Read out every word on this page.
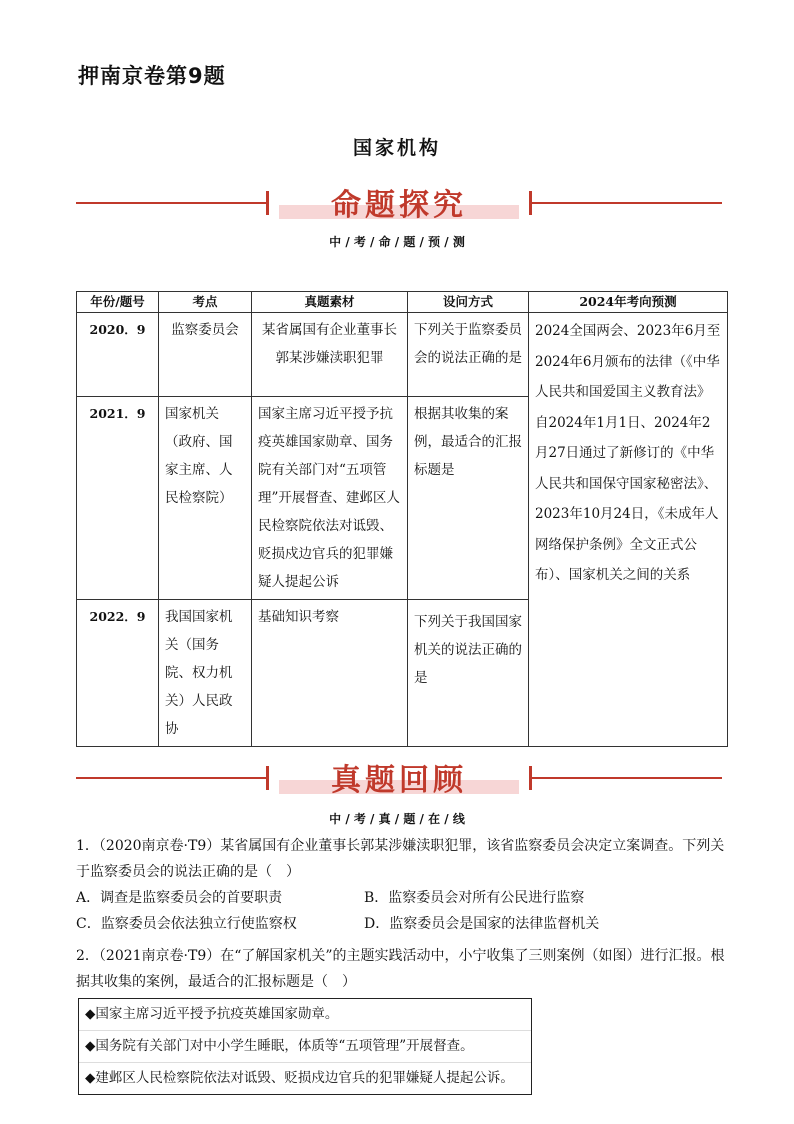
押南京卷第9题
国家机构
命题探究
中 / 考 / 命 / 题 / 预 / 测
年份/题号	考点	真题素材	设问方式	2024年考向预测
2020．9	监察委员会	某省属国有企业董事长郭某涉嫌渎职犯罪	下列关于监察委员会的说法正确的是	2024全国两会、2023年6月至2024年6月颁布的法律（《中华人民共和国爱国主义教育法》自2024年1月1日、2024年2月27日通过了新修订的《中华人民共和国保守国家秘密法》、2023年10月24日，《未成年人网络保护条例》全文正式公布）、国家机关之间的关系
2021．9	国家机关（政府、国家主席、人民检察院）	国家主席习近平授予抗疫英雄国家勋章、国务院有关部门对“五项管理”开展督查、建邺区人民检察院依法对诋毁、贬损戍边官兵的犯罪嫌疑人提起公诉	根据其收集的案例，最适合的汇报标题是	
2022．9	我国国家机关（国务院、权力机关）人民政协	基础知识考察	下列关于我国国家机关的说法正确的是	
真题回顾
中 / 考 / 真 / 题 / 在 / 线

1．（2020南京卷·T9）某省属国有企业董事长郭某涉嫌渎职犯罪，该省监察委员会决定立案调查。下列关于监察委员会的说法正确的是（　）

A．调查是监察委员会的首要职责	B．监察委员会对所有公民进行监察
C．监察委员会依法独立行使监察权	D．监察委员会是国家的法律监督机关

2．（2021南京卷·T9）在“了解国家机关”的主题实践活动中，小宁收集了三则案例（如图）进行汇报。根据其收集的案例，最适合的汇报标题是（　）

◆国家主席习近平授予抗疫英雄国家勋章。
◆国务院有关部门对中小学生睡眠，体质等“五项管理”开展督查。
◆建邺区人民检察院依法对诋毁、贬损戍边官兵的犯罪嫌疑人提起公诉。
